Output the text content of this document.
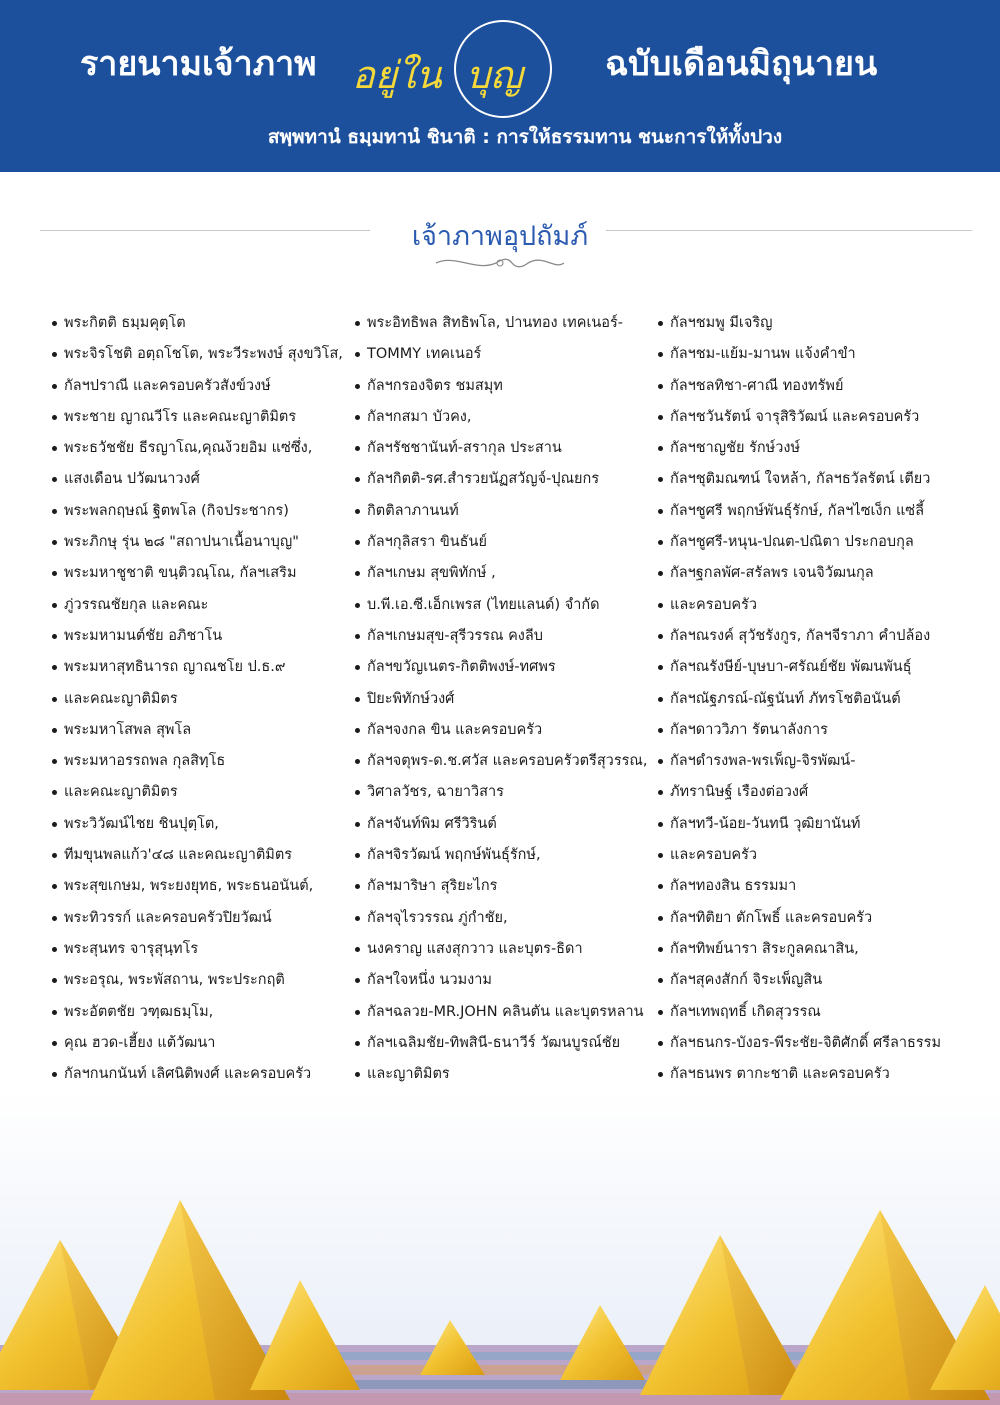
รายนามเจ้าภาพ	ฉบับเดือนมิถุนายน
อยู่ใน บุญ
สพฺพทานํ ธมฺมทานํ ชินาติ : การให้ธรรมทาน ชนะการให้ทั้งปวง
เจ้าภาพอุปถัมภ์
พระกิตติ ธมฺมคุตฺโต
พระจิรโชติ อตฺถโชโต, พระวีระพงษ์ สุงขวิโส,
กัลฯปราณี และครอบครัวสังข์วงษ์
พระชาย ญาณวีโร และคณะญาติมิตร
พระธวัชชัย ธีรญาโณ,คุณง้วยอิม แซ่ซึ่ง,
แสงเดือน ปวัฒนาวงศ์
พระพลกฤษณ์ ฐิตพโล (กิจประชากร)
พระภิกษุ รุ่น ๒๘ "สถาปนาเนื้อนาบุญ"
พระมหาชูชาติ ขนฺติวณฺโณ, กัลฯเสริม
ภู่วรรณชัยกุล และคณะ
พระมหามนต์ชัย อภิชาโน
พระมหาสุทธินารถ ญาณชโย ป.ธ.๙
และคณะญาติมิตร
พระมหาโสพล สุพโล
พระมหาอรรถพล กุลสิทฺโธ
และคณะญาติมิตร
พระวิวัฒน์ไชย ชินปุตฺโต,
ทีมขุนพลแก้ว'๔๘ และคณะญาติมิตร
พระสุขเกษม, พระยงยุทธ, พระธนอนันต์,
พระทิวรรก์ และครอบครัวปิยวัฒน์
พระสุนทร จารุสุนฺทโร
พระอรุณ, พระพัสถาน, พระประกฤติ
พระอัตตชัย วฑฺฒธมฺโม,
คุณ ฮวด-เฮี้ยง แต้วัฒนา
กัลฯกนกนันท์ เลิศนิติพงศ์ และครอบครัว
พระอิทธิพล สิทธิพโล, ปานทอง เทคเนอร์-
TOMMY เทคเนอร์
กัลฯกรองจิตร ชมสมุท
กัลฯกสมา บัวคง,
กัลฯรัชชานันท์-สรากุล ประสาน
กัลฯกิตติ-รศ.สำรวยนัฏสวัญจ์-ปุณยกร
กิตติลาภานนท์
กัลฯกุลิสรา ขินธันย์
กัลฯเกษม สุขพิทักษ์ ,
บ.พี.เอ.ซี.เอ็กเพรส (ไทยแลนด์) จำกัด
กัลฯเกษมสุข-สุรีวรรณ คงลีบ
กัลฯขวัญเนตร-กิตติพงษ์-ทศพร
ปิยะพิทักษ์วงศ์
กัลฯจงกล ขิน และครอบครัว
กัลฯจตุพร-ด.ช.ศวัส และครอบครัวตรีสุวรรณ,
วิศาลวัชร, ฉายาวิสาร
กัลฯจันท์พิม ศรีวิรินต์
กัลฯจิรวัฒน์ พฤกษ์พันธุ์รักษ์,
กัลฯมาริษา สุริยะไกร
กัลฯจุไรวรรณ ภู่กำชัย,
นงคราญ แสงสุกวาว และบุตร-ธิดา
กัลฯใจหนึ่ง นวมงาม
กัลฯฉลวย-MR.JOHN คลินตัน และบุตรหลาน
กัลฯเฉลิมชัย-ทิพสินี-ธนาวีร์ วัฒนบูรณ์ชัย
และญาติมิตร
กัลฯชมพู มีเจริญ
กัลฯชม-แย้ม-มานพ แจ้งคำขำ
กัลฯชลทิชา-ศาณี ทองทรัพย์
กัลฯชวันรัตน์ จารุสิริวัฒน์ และครอบครัว
กัลฯชาญชัย รักษ์วงษ์
กัลฯชุติมณฑน์ ใจหล้า, กัลฯธวัลรัตน์ เตียว
กัลฯชูศรี พฤกษ์พันธุ์รักษ์, กัลฯไซเง็ก แซ่ลี้
กัลฯชูศรี-หนุน-ปณต-ปณิตา ประกอบกุล
กัลฯฐกลพัศ-สรัลพร เจนจิวัฒนกุล
และครอบครัว
กัลฯณรงค์ สุวัชรังกูร, กัลฯจีราภา คำปล้อง
กัลฯณรังษีย์-บุษบา-ศรัณย์ชัย พัฒนพันธุ์
กัลฯณัฐภรณ์-ณัฐนันท์ ภัทรโชติอนันต์
กัลฯดาววิภา รัตนาลังการ
กัลฯดำรงพล-พรเพ็ญ-จิรพัฒน์-
ภัทรานิษฐ์ เรืองต่อวงศ์
กัลฯทวี-น้อย-วันทนี วุฒิยานันท์
และครอบครัว
กัลฯทองสิน ธรรมมา
กัลฯทิติยา ตักโพธิ์ และครอบครัว
กัลฯทิพย์นารา สิระกูลคณาสิน,
กัลฯสุคงสักก์ จิระเพ็ญสิน
กัลฯเทพฤทธิ์ เกิดสุวรรณ
กัลฯธนกร-บังอร-พีระชัย-จิติศักดิ์ ศรีลาธรรม
กัลฯธนพร ตากะชาติ และครอบครัว
